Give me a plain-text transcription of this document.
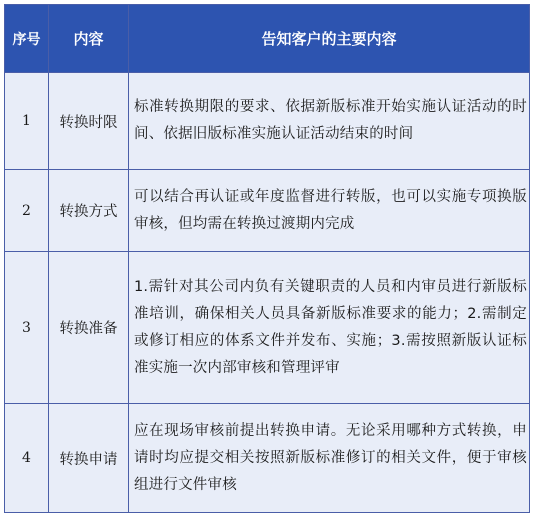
序号	内容	告知客户的主要内容
1	转换时限	标准转换期限的要求、依据新版标准开始实施认证活动的时间、依据旧版标准实施认证活动结束的时间
2	转换方式	可以结合再认证或年度监督进行转版，也可以实施专项换版审核，但均需在转换过渡期内完成
3	转换准备	1.需针对其公司内负有关键职责的人员和内审员进行新版标准培训，确保相关人员具备新版标准要求的能力；2.需制定或修订相应的体系文件并发布、实施；3.需按照新版认证标准实施一次内部审核和管理评审
4	转换申请	应在现场审核前提出转换申请。无论采用哪种方式转换，申请时均应提交相关按照新版标准修订的相关文件，便于审核组进行文件审核
